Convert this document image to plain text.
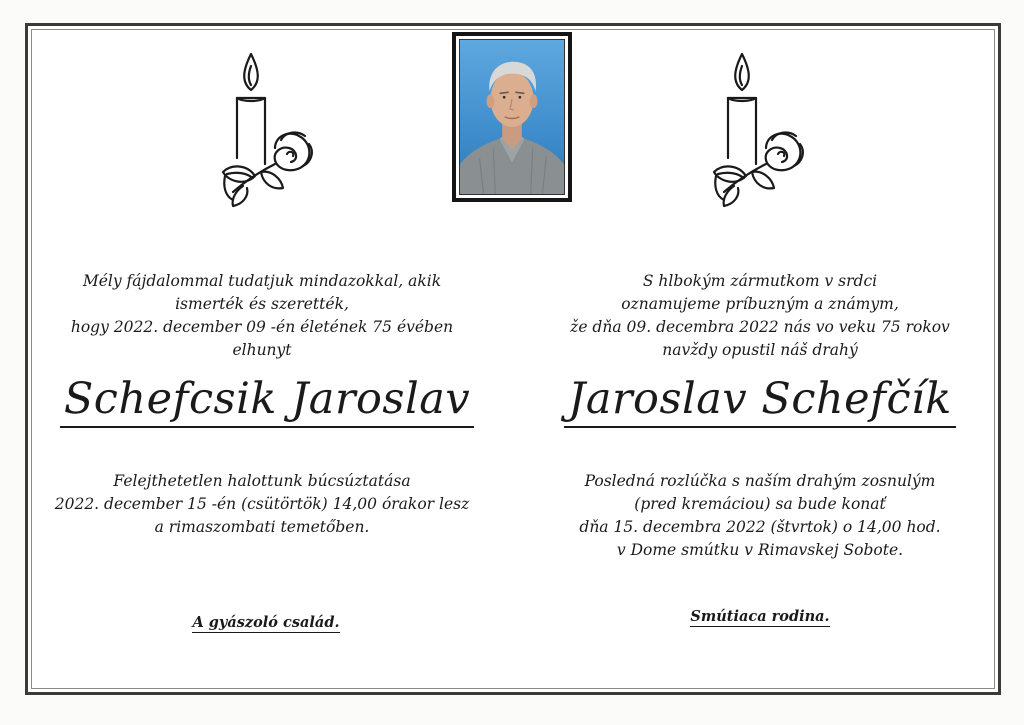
Mély fájdalommal tudatjuk mindazokkal, akik
ismerték és szerették,
hogy 2022. december 09 -én életének 75 évében
elhunyt
Schefcsik Jaroslav
Felejthetetlen halottunk búcsúztatása
2022. december 15 -én (csütörtök) 14,00 órakor lesz
a rimaszombati temetőben.
A gyászoló család.
S hlbokým zármutkom v srdci
oznamujeme príbuzným a známym,
že dňa 09. decembra 2022 nás vo veku 75 rokov
navždy opustil náš drahý
Jaroslav Schefčík
Posledná rozlúčka s naším drahým zosnulým
(pred kremáciou) sa bude konať
dňa 15. decembra 2022 (štvrtok) o 14,00 hod.
v Dome smútku v Rimavskej Sobote.
Smútiaca rodina.
